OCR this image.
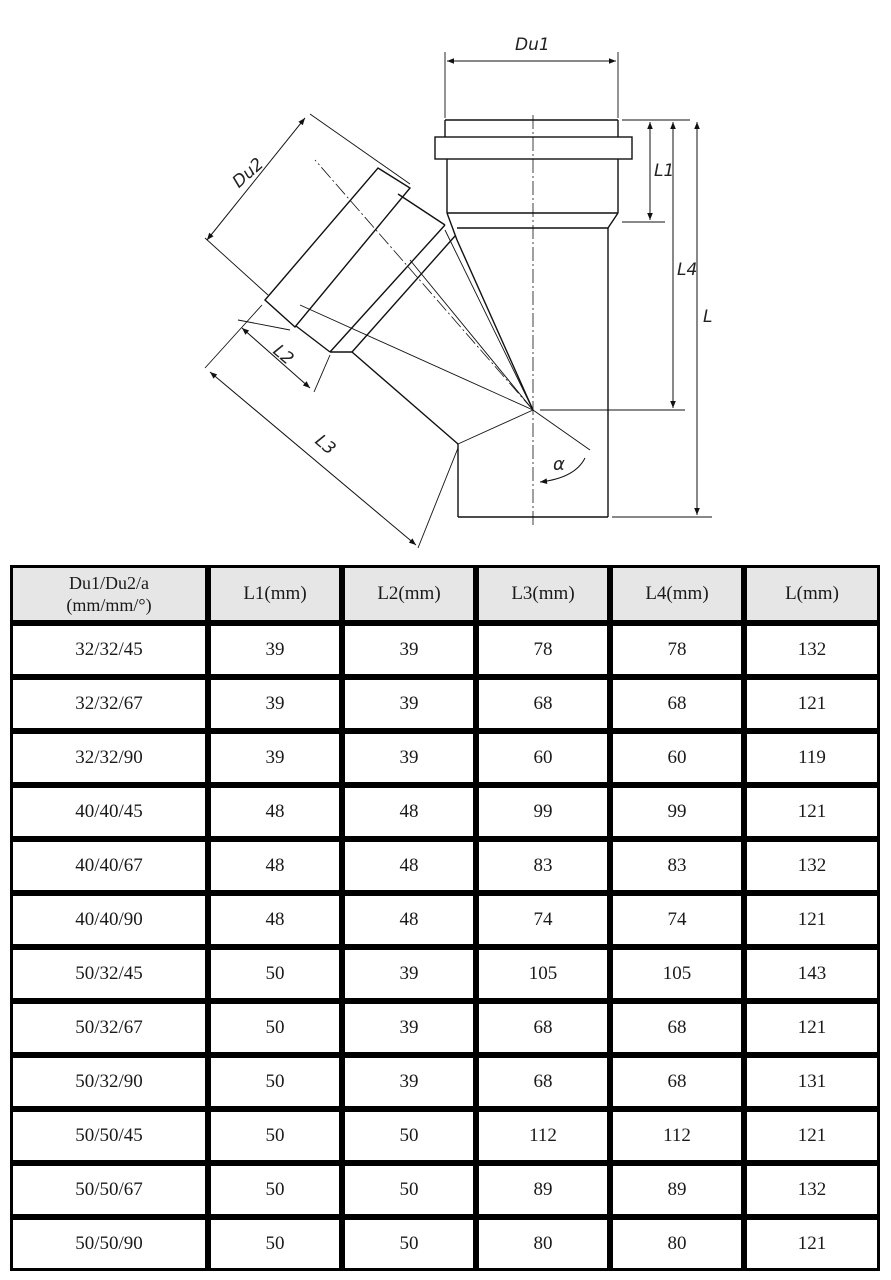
Du1
Du2	L1
L4
L
L2
L3
α
Du1/Du2/a
(mm/mm/°)	L1(mm)	L2(mm)	L3(mm)	L4(mm)	L(mm)
32/32/45	39	39	78	78	132
32/32/67	39	39	68	68	121
32/32/90	39	39	60	60	119
40/40/45	48	48	99	99	121
40/40/67	48	48	83	83	132
40/40/90	48	48	74	74	121
50/32/45	50	39	105	105	143
50/32/67	50	39	68	68	121
50/32/90	50	39	68	68	131
50/50/45	50	50	112	112	121
50/50/67	50	50	89	89	132
50/50/90	50	50	80	80	121
